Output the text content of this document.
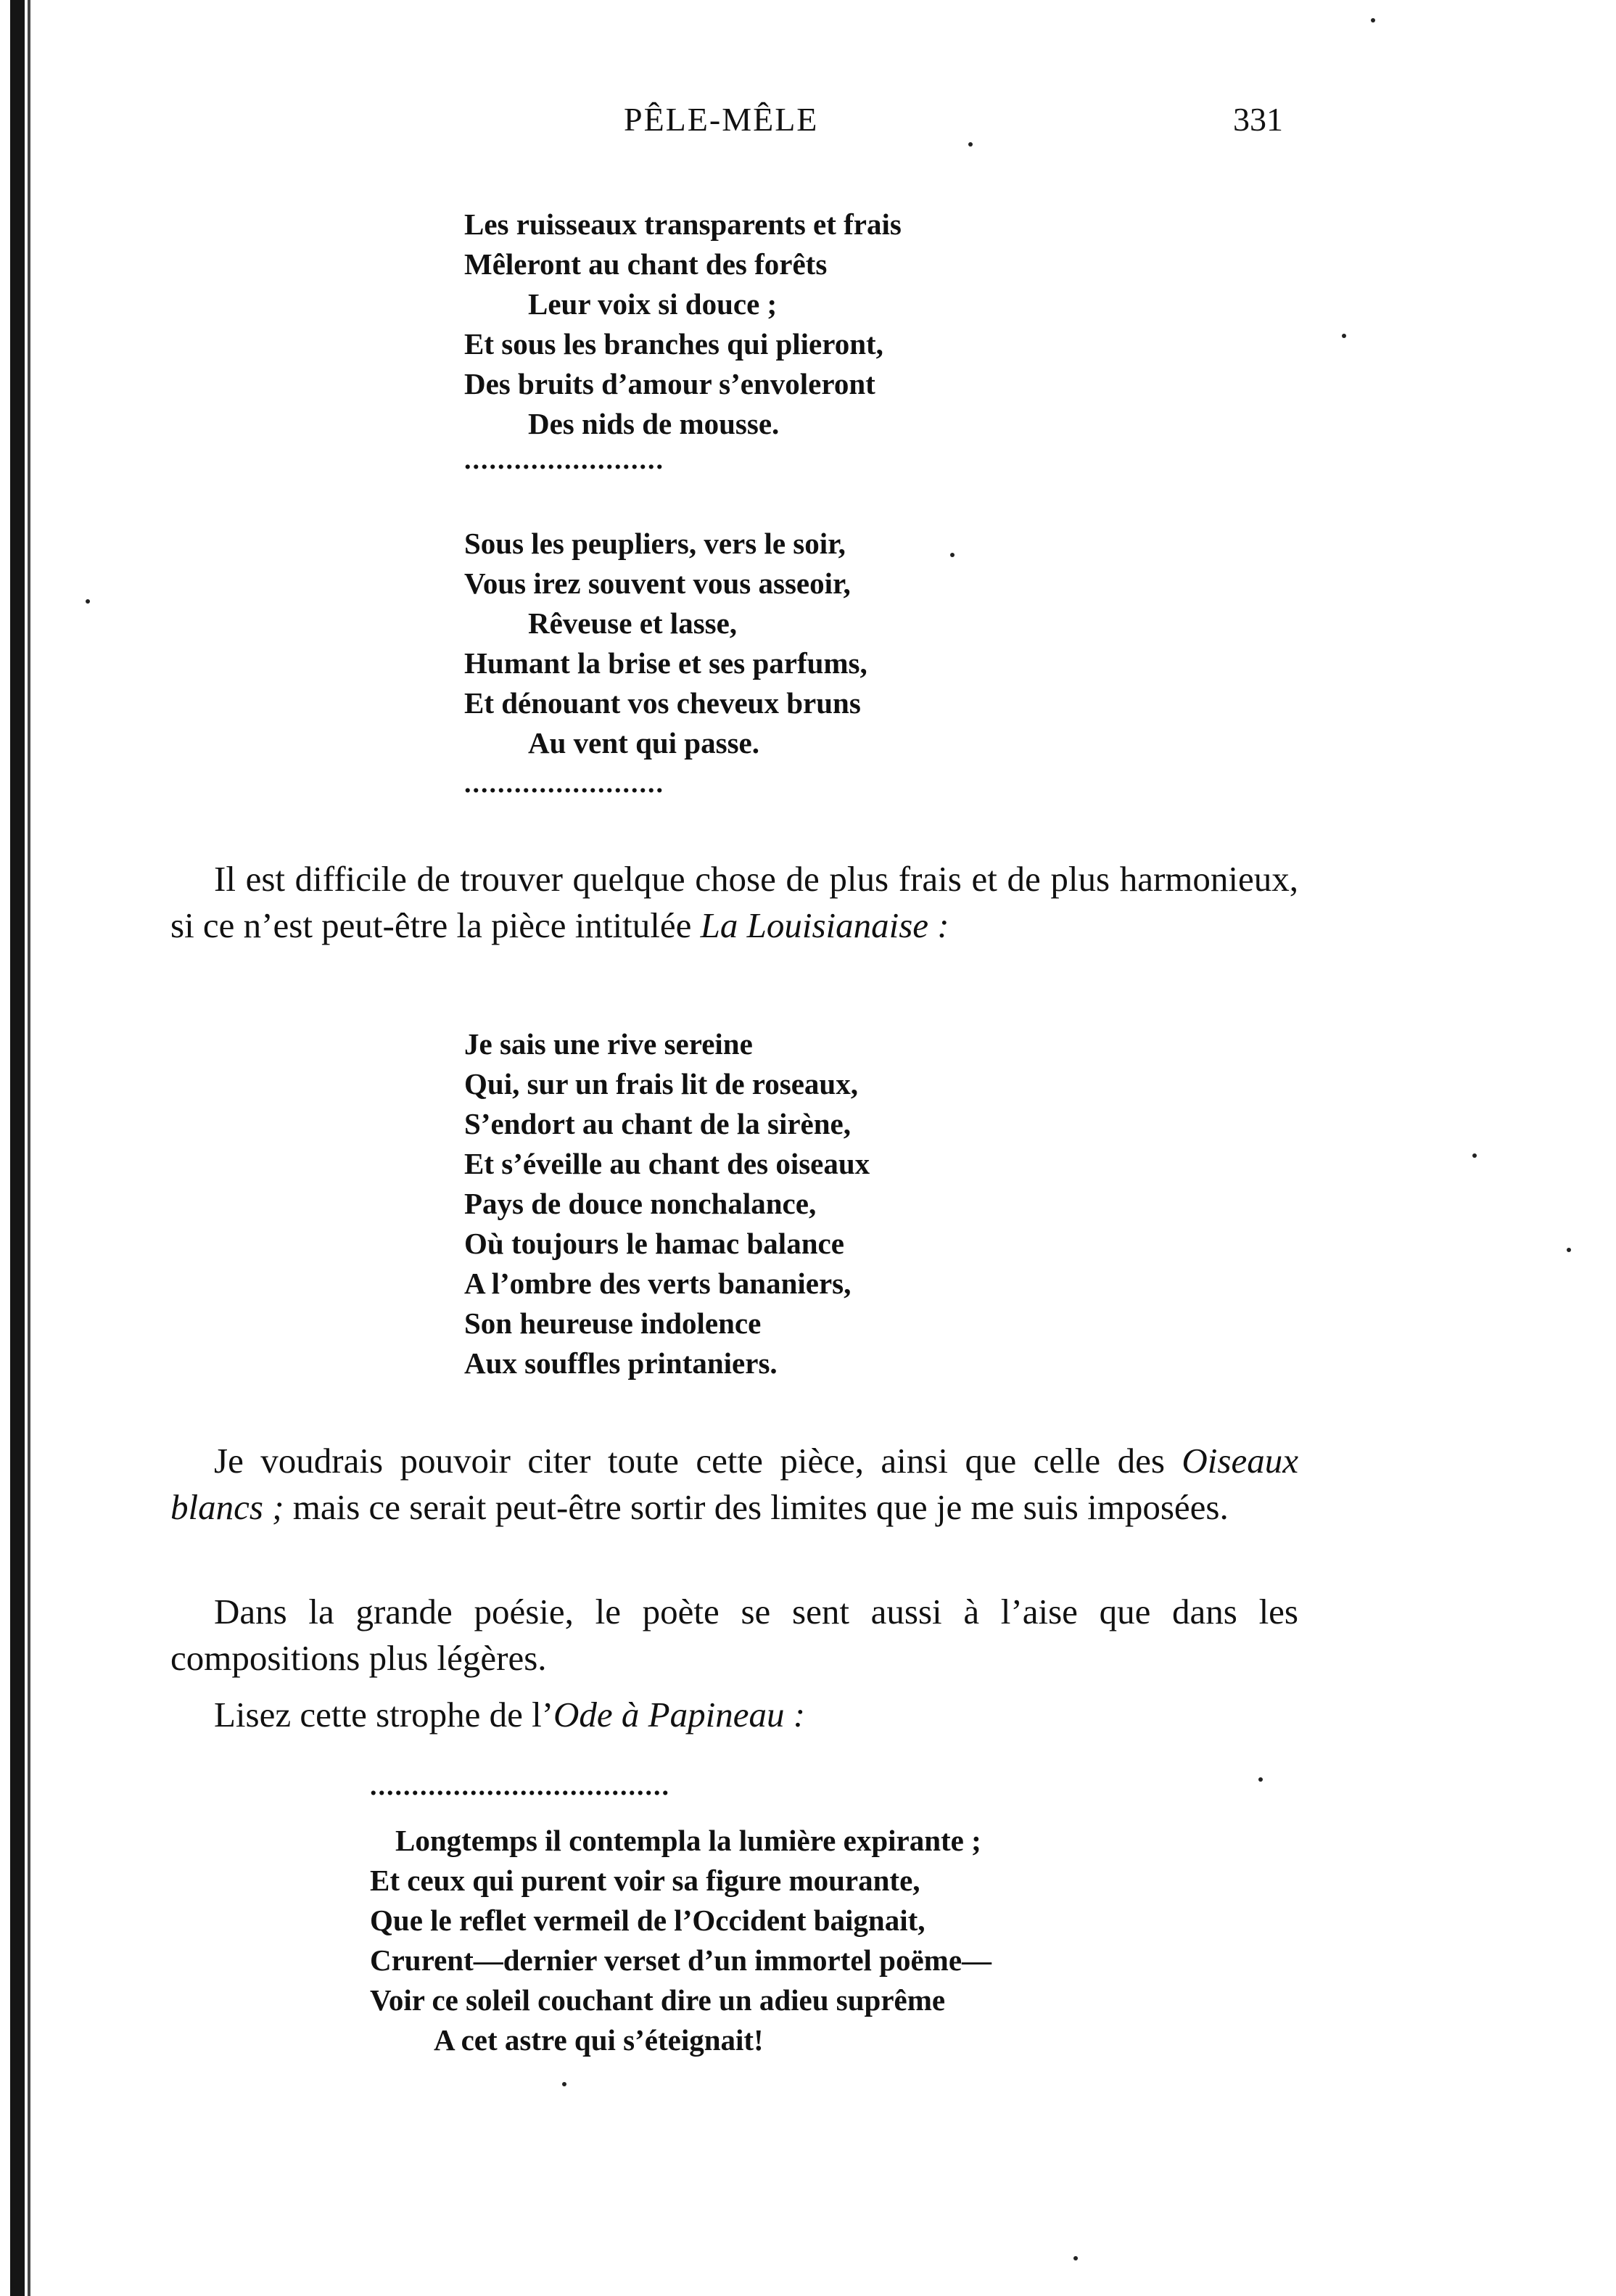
PÊLE-MÊLE	331
Les ruisseaux transparents et frais
Mêleront au chant des forêts
Leur voix si douce ;
Et sous les branches qui plieront,
Des bruits d’amour s’envoleront
Des nids de mousse.
........................
Sous les peupliers, vers le soir,
Vous irez souvent vous asseoir,
Rêveuse et lasse,
Humant la brise et ses parfums,
Et dénouant vos cheveux bruns
Au vent qui passe.
........................

Il est difficile de trouver quelque chose de plus frais et de plus harmonieux, si ce n’est peut-être la pièce intitulée La Louisianaise :

Je sais une rive sereine
Qui, sur un frais lit de roseaux,
S’endort au chant de la sirène,
Et s’éveille au chant des oiseaux
Pays de douce nonchalance,
Où toujours le hamac balance
A l’ombre des verts bananiers,
Son heureuse indolence
Aux souffles printaniers.

Je voudrais pouvoir citer toute cette pièce, ainsi que celle des Oiseaux blancs ; mais ce serait peut-être sortir des limites que je me suis imposées.

Dans la grande poésie, le poète se sent aussi à l’aise que dans les compositions plus légères.

Lisez cette strophe de l’Ode à Papineau :

....................................
Longtemps il contempla la lumière expirante ;
Et ceux qui purent voir sa figure mourante,
Que le reflet vermeil de l’Occident baignait,
Crurent—dernier verset d’un immortel poëme—
Voir ce soleil couchant dire un adieu suprême
A cet astre qui s’éteignait!
